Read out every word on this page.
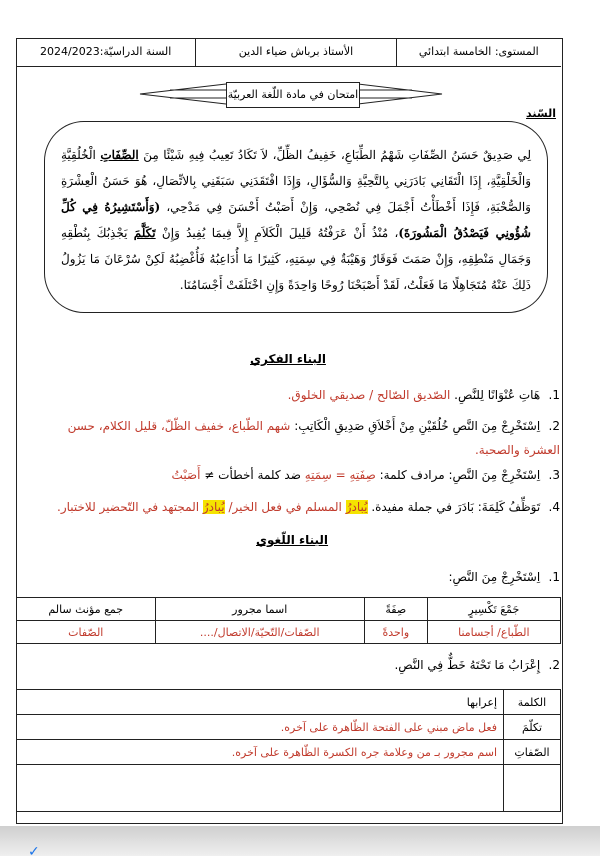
المستوى: الخامسة ابتدائي
الأستاذ برباش ضياء الدين
السنة الدراسيّة:2024/2023
امتحان في مادة اللّغة العربيّة
السّند
لِي صَدِيقٌ حَسَنُ الصِّفَاتِ شَهْمُ الطِّبَاعِ، خَفِيفُ الظِّلِّ، لاَ تَكَادُ تَعِيبُ فِيهِ شَيْئًا مِنَ الصِّفَاتِ الْخُلُقِيَّةِ وَالْخَلْقِيَّةِ، إِذَا الْتَقَانِي بَادَرَنِي بِالتَّحِيَّةِ وَالسُّؤَالِ، وَإِذَا افْتَقَدَنِي سَبَقَنِي بِالاتِّصَالِ، هُوَ حَسَنُ الْعِشْرَةِ وَالصُّحْبَةِ، فَإِذَا أَخْطَأْتُ أَجْمَلَ فِي نُصْحِي، وَإِنْ أَصَبْتُ أَحْسَنَ فِي مَدْحِي، (وَأَسْتَشِيرُهُ فِي كُلِّ شُؤُونِي فَيَصْدُقُ الْمَشُورَةَ)، مُنْذُ أَنْ عَرَفْتُهُ قَلِيلَ الْكَلاَمِ إِلاَّ فِيمَا يُفِيدُ وَإِنْ تَكَلَّمَ يَجْذِبُكَ بِنُطْقِهِ وَجَمَالِ مَنْطِقِهِ، وَإِنْ صَمَتَ فَوَقَارٌ وَهَيْبَةٌ فِي سِمَتِهِ، كَثِيرًا مَا أُدَاعِبُهُ فَأُغْضِبُهُ لَكِنْ سُرْعَانَ مَا يَزُولُ ذَلِكَ عَنْهُ مُتَجَاهِلًا مَا فَعَلْتُ، لَقَدْ أَصْبَحْنَا رُوحًا وَاحِدَةً وَإِنِ اخْتَلَفَتْ أَجْسَامُنَا.
البناء الفكري
1. هَاتِ عُنْوَانًا لِلنَّصِ. الصّديق الصّالح / صديقي الخلوق.
2. اِسْتَخْرِجْ مِنَ النَّصِ خُلُقَيْنِ مِنْ أَخْلاَقِ صَدِيقِ الْكَاتِبِ: شهم الطّباع، خفيف الظّلّ، قليل الكلام، حسن العشرة والصحبة.
3. اِسْتَخْرِجْ مِنَ النَّصِ: مرادف كلمة: صِفَتِهِ = سِمَتِهِ ضد كلمة أخطأت ≠ أَصَبْتُ
4. تَوَظِّفُ كَلِمَةَ: بَادَرَ في جملة مفيدة. يُبادرُ المسلم في فعل الخير/ يُبادرُ المجتهد في التّحضير للاختبار.
البناء اللّغوي
1. اِسْتَخْرِجْ مِنَ النَّصِ:
جَمْعَ تَكْسِيرٍ	صِفَةً	اسما مجرور	جمع مؤنث سالم
الطّباع/ أجسامنا	واحدةً	الصّفات/التّحيّة/الاتصال/....	الصّفات
2. إِعْرَابُ مَا تَحْتَهُ خَطٌّ فِي النَّصِ.
الكلمة	إعرابها
تكلّمَ	فعل ماض مبني على الفتحة الظّاهرة على آخره.
الصّفاتِ	اسم مجرور بـ من وعلامة جره الكسرة الظّاهرة على آخره.

✓
